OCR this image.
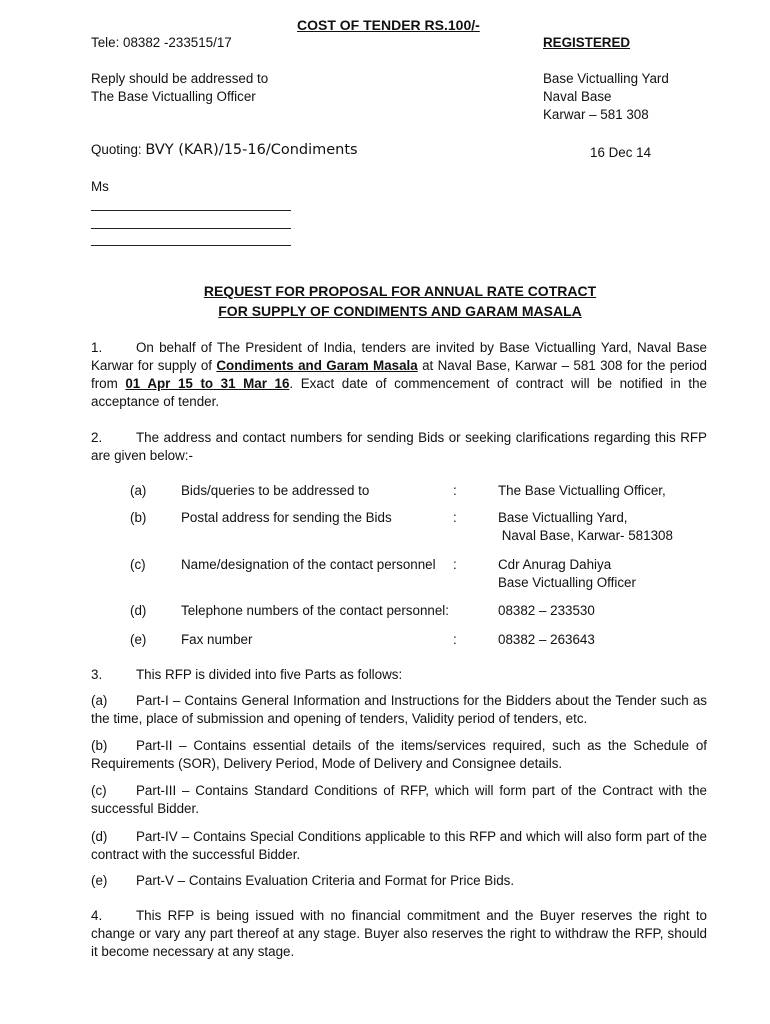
COST OF TENDER RS.100/-
Tele: 08382 -233515/17	REGISTERED
Reply should be addressed to
The Base Victualling Officer
Base Victualling Yard
Naval Base
Karwar – 581 308
Quoting: BVY (KAR)/15-16/Condiments	16 Dec 14
Ms
REQUEST FOR PROPOSAL FOR ANNUAL RATE COTRACT
FOR SUPPLY OF CONDIMENTS AND GARAM MASALA
1.	On behalf of The President of India, tenders are invited by Base Victualling Yard, Naval Base Karwar for supply of Condiments and Garam Masala at Naval Base, Karwar – 581 308 for the period from 01 Apr 15 to 31 Mar 16. Exact date of commencement of contract will be notified in the acceptance of tender.
2.	The address and contact numbers for sending Bids or seeking clarifications regarding this RFP are given below:-
(a)	Bids/queries to be addressed to	:	The Base Victualling Officer,
(b)	Postal address for sending the Bids	:	Base Victualling Yard,
Naval Base, Karwar- 581308
(c)	Name/designation of the contact personnel :	Cdr Anurag Dahiya
Base Victualling Officer
(d)	Telephone numbers of the contact personnel:	08382 – 233530
(e)	Fax number	:	08382 – 263643
3.	This RFP is divided into five Parts as follows:
(a) Part-I – Contains General Information and Instructions for the Bidders about the Tender such as the time, place of submission and opening of tenders, Validity period of tenders, etc.
(b) Part-II – Contains essential details of the items/services required, such as the Schedule of Requirements (SOR), Delivery Period, Mode of Delivery and Consignee details.
(c) Part-III – Contains Standard Conditions of RFP, which will form part of the Contract with the successful Bidder.
(d) Part-IV – Contains Special Conditions applicable to this RFP and which will also form part of the contract with the successful Bidder.
(e) Part-V – Contains Evaluation Criteria and Format for Price Bids.
4.	This RFP is being issued with no financial commitment and the Buyer reserves the right to change or vary any part thereof at any stage. Buyer also reserves the right to withdraw the RFP, should it become necessary at any stage.
